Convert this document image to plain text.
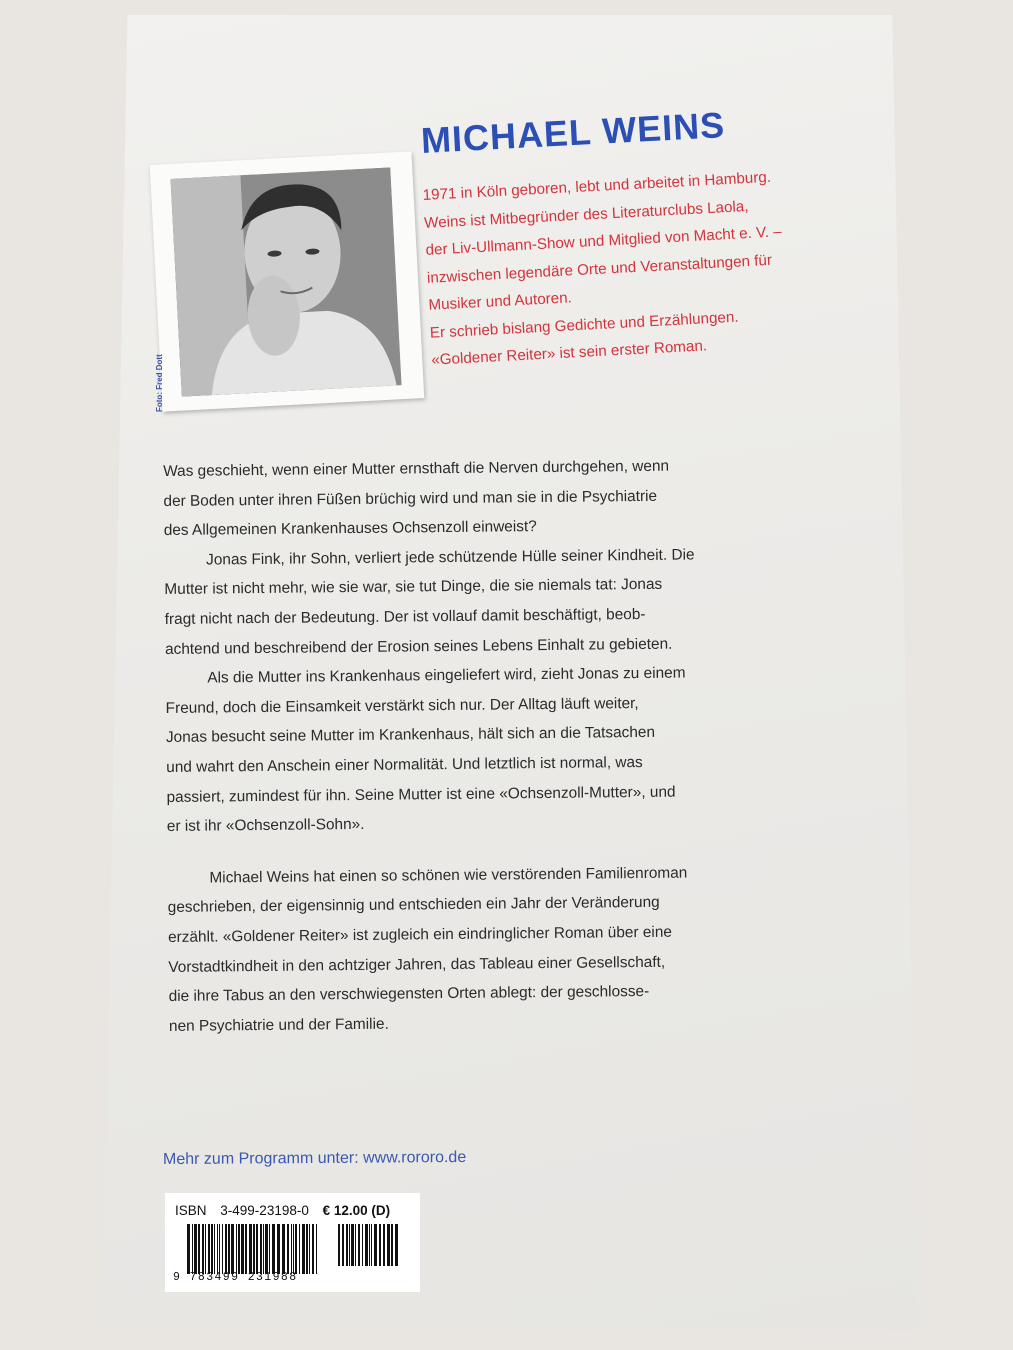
MICHAEL WEINS
Foto: Fred Dott
1971 in Köln geboren, lebt und arbeitet in Hamburg.
Weins ist Mitbegründer des Literaturclubs Laola,
der Liv-Ullmann-Show und Mitglied von Macht e. V. –
inzwischen legendäre Orte und Veranstaltungen für
Musiker und Autoren.
Er schrieb bislang Gedichte und Erzählungen.
«Goldener Reiter» ist sein erster Roman.
Was geschieht, wenn einer Mutter ernsthaft die Nerven durchgehen, wenn
der Boden unter ihren Füßen brüchig wird und man sie in die Psychiatrie
des Allgemeinen Krankenhauses Ochsenzoll einweist?
Jonas Fink, ihr Sohn, verliert jede schützende Hülle seiner Kindheit. Die
Mutter ist nicht mehr, wie sie war, sie tut Dinge, die sie niemals tat: Jonas
fragt nicht nach der Bedeutung. Der ist vollauf damit beschäftigt, beob-
achtend und beschreibend der Erosion seines Lebens Einhalt zu gebieten.
Als die Mutter ins Krankenhaus eingeliefert wird, zieht Jonas zu einem
Freund, doch die Einsamkeit verstärkt sich nur. Der Alltag läuft weiter,
Jonas besucht seine Mutter im Krankenhaus, hält sich an die Tatsachen
und wahrt den Anschein einer Normalität. Und letztlich ist normal, was
passiert, zumindest für ihn. Seine Mutter ist eine «Ochsenzoll-Mutter», und
er ist ihr «Ochsenzoll-Sohn».
Michael Weins hat einen so schönen wie verstörenden Familienroman
geschrieben, der eigensinnig und entschieden ein Jahr der Veränderung
erzählt. «Goldener Reiter» ist zugleich ein eindringlicher Roman über eine
Vorstadtkindheit in den achtziger Jahren, das Tableau einer Gesellschaft,
die ihre Tabus an den verschwiegensten Orten ablegt: der geschlosse-
nen Psychiatrie und der Familie.
Mehr zum Programm unter: www.rororo.de
ISBN 3-499-23198-0 € 12.00 (D)
9 783499 231988
